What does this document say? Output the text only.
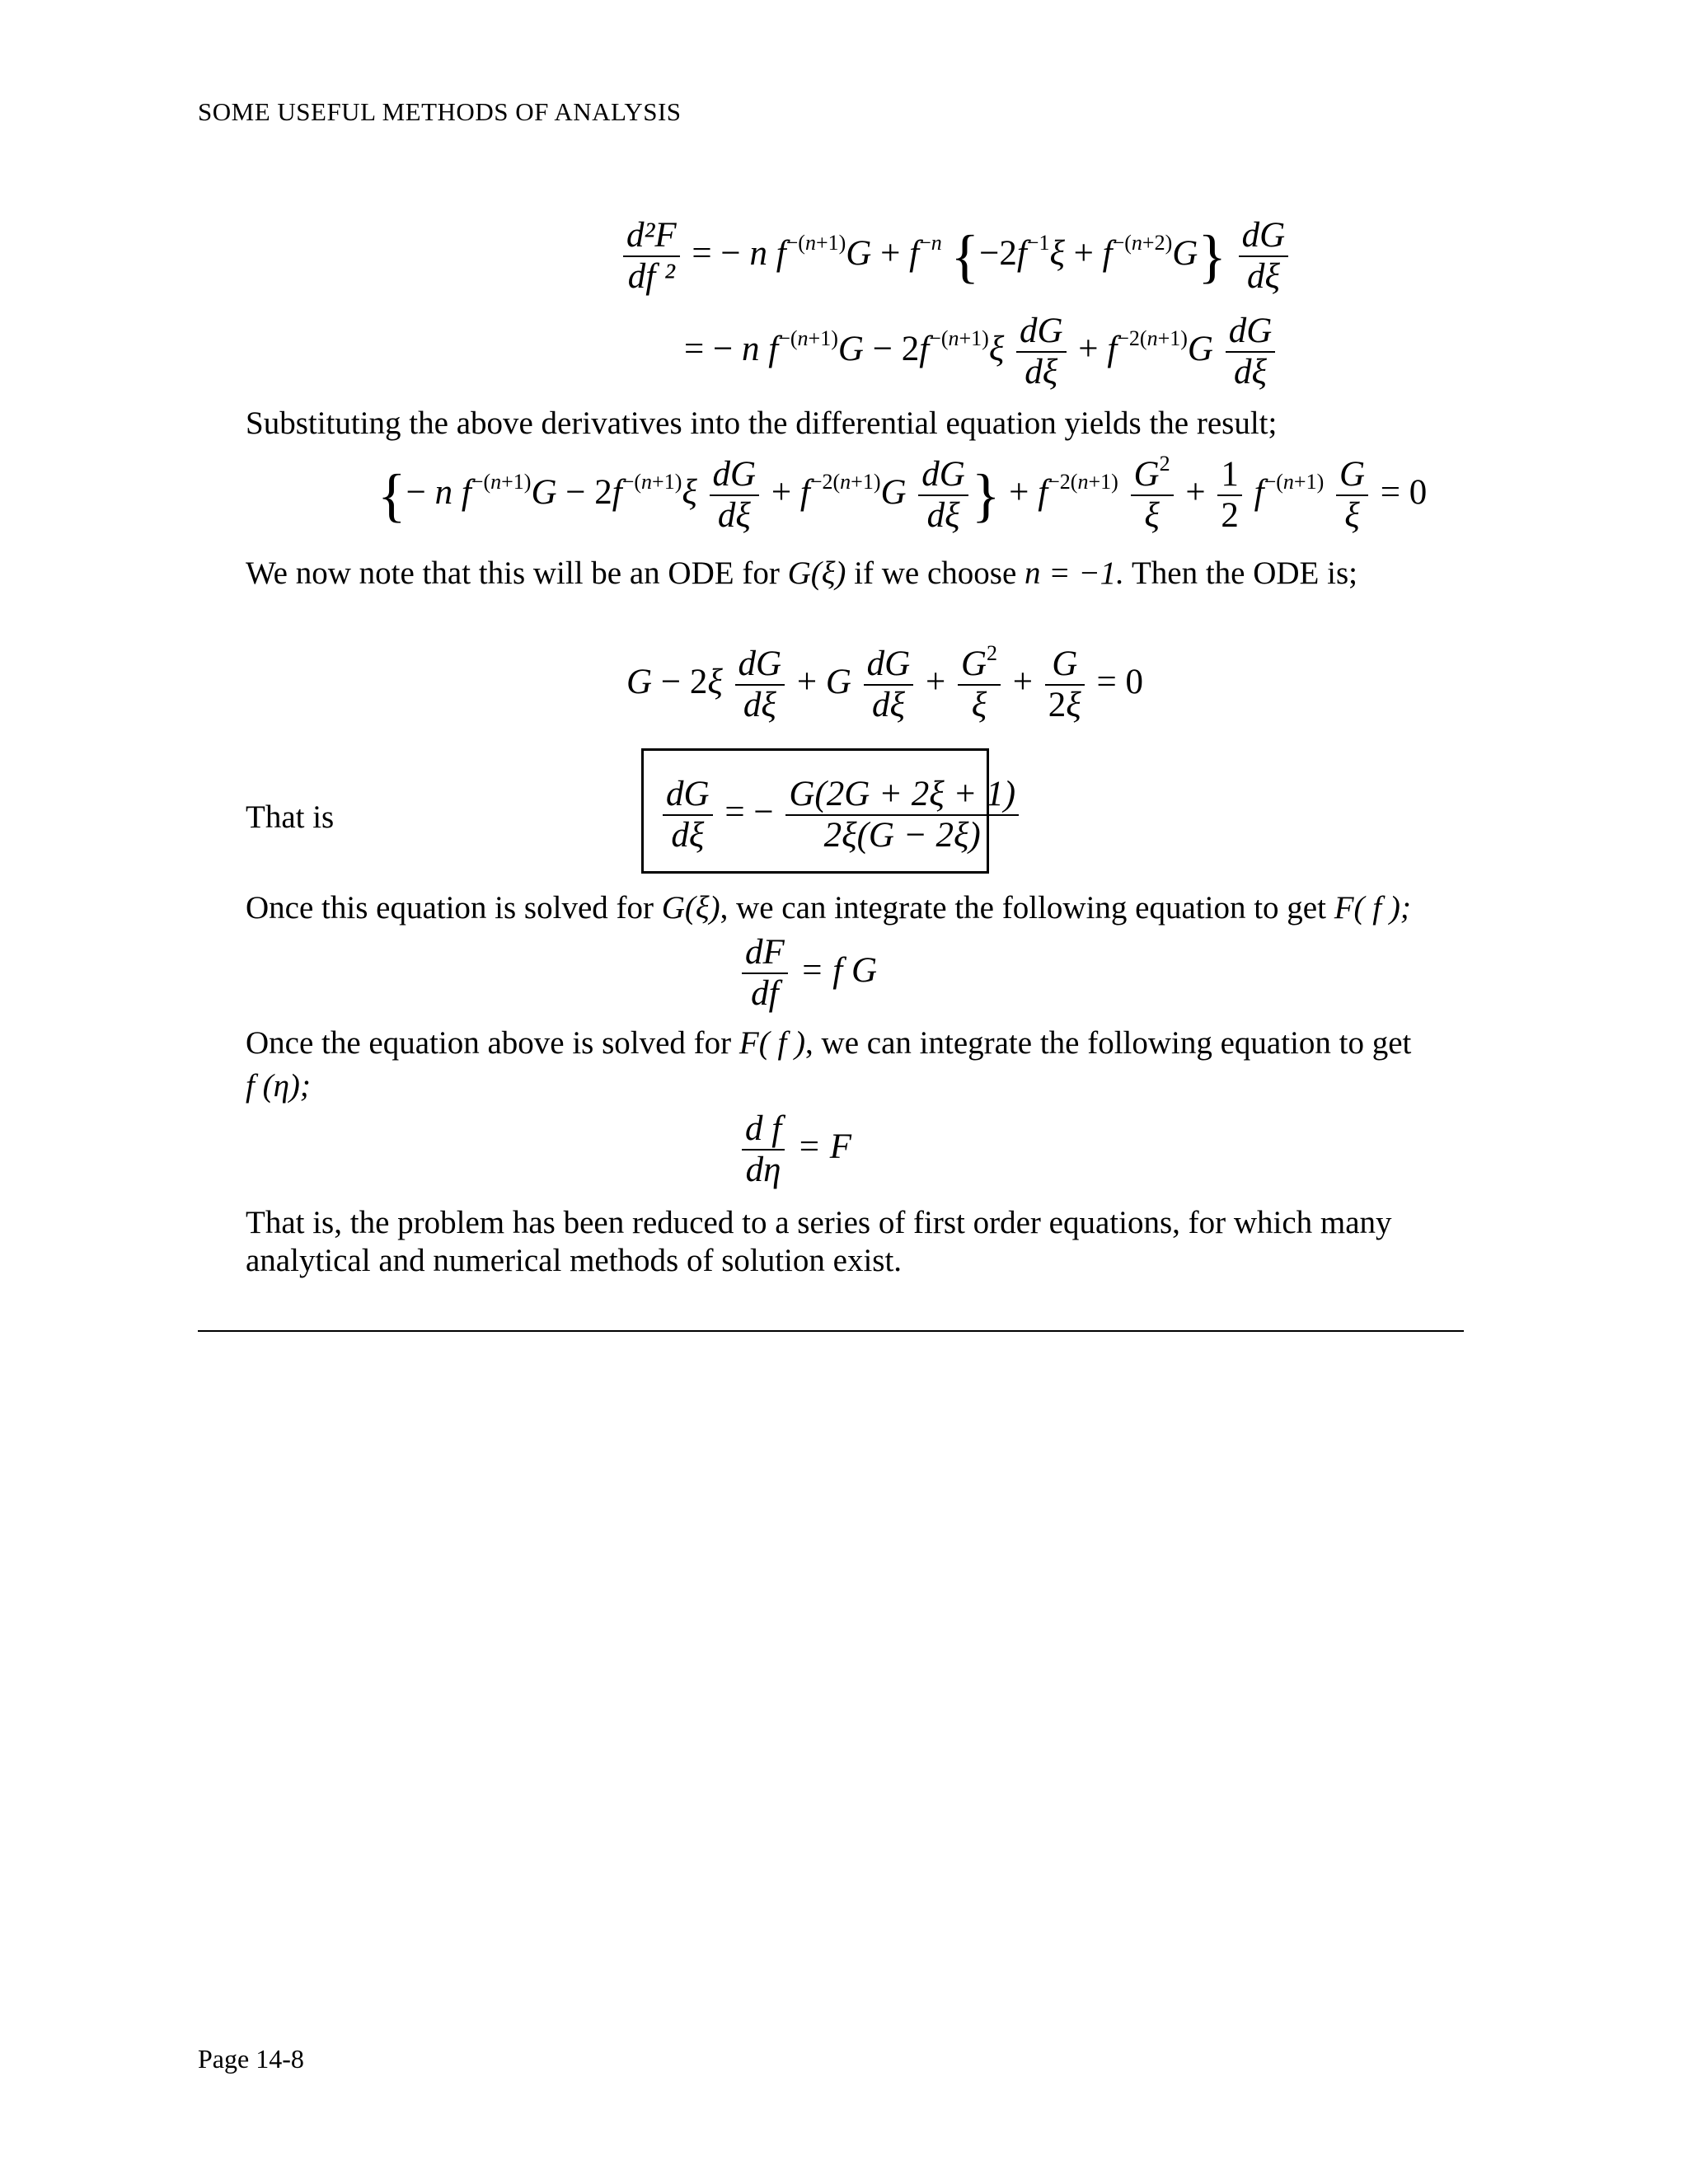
SOME USEFUL METHODS OF ANALYSIS
$\frac{\text{d²F}}{\text{df ²}}$ = − n $f^{-(n+1)}G + f^{-n}$ $\{-2f^{-1}\xi + f^{-(n+2)}G\} \frac{dG}{d\xi}$
= − n $f^{-(n+1)}G - 2f^{-(n+1)}\xi \frac{dG}{d\xi} + f^{-2(n+1)}G \frac{dG}{d\xi}$
Substituting the above derivatives into the differential equation yields the result;
{− n $f^{-(n+1)}G - 2f^{-(n+1)}\xi \frac{dG}{d\xi} + f^{-2(n+1)}G \frac{dG}{d\xi}$ } + $f^{-2(n+1)} \frac{G^2}{\xi} + \frac{1}{2} f^{-(n+1)} \frac{G}{\xi} = 0$
We now note that this will be an ODE for G(ξ) if we choose n = −1. Then the ODE is;
$G - 2\xi \frac{dG}{d\xi} + G \frac{dG}{d\xi} + \frac{G^2}{\xi} + \frac{G}{2\xi} = 0$
That is	$\frac{dG}{d\xi}$ = − $\frac{G(2G + 2\xi + 1)}{2\xi(G - 2\xi)}$
Once this equation is solved for G(ξ), we can integrate the following equation to get F( f );
$\frac{dF}{df} = f$ G
Once the equation above is solved for F( f ), we can integrate the following equation to get
f (η);
$\frac{\text{d f}}{d\eta} = F$
That is, the problem has been reduced to a series of first order equations, for which many
analytical and numerical methods of solution exist.
Page 14-8
